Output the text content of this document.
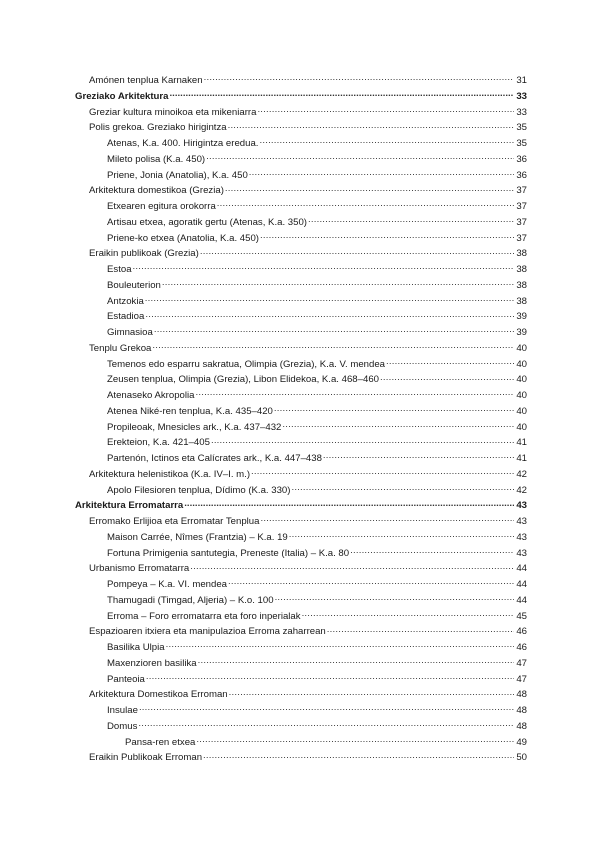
Amónen tenplua Karnaken .....	31
Greziako Arkitektura .....	33
Greziar kultura minoikoa eta mikeniarra .....	33
Polis grekoa. Greziako hirigintza .....	35
Atenas, K.a. 400. Hirigintza eredua. .....	35
Mileto polisa (K.a. 450) .....	36
Priene, Jonia (Anatolia), K.a. 450 .....	36
Arkitektura domestikoa (Grezia) .....	37
Etxearen egitura orokorra .....	37
Artisau etxea, agoratik gertu (Atenas, K.a. 350) .....	37
Priene-ko etxea (Anatolia, K.a. 450) .....	37
Eraikin publikoak (Grezia) .....	38
Estoa .....	38
Bouleuterion .....	38
Antzokia .....	38
Estadioa .....	39
Gimnasioa .....	39
Tenplu Grekoa .....	40
Temenos edo esparru sakratua, Olimpia (Grezia), K.a. V. mendea .....	40
Zeusen tenplua, Olimpia (Grezia), Libon Elidekoa, K.a. 468–460 .....	40
Atenaseko Akropolia .....	40
Atenea Niké-ren tenplua, K.a. 435–420 .....	40
Propileoak, Mnesicles ark., K.a. 437–432 .....	40
Erekteion, K.a. 421–405 .....	41
Partenón, Ictinos eta Calícrates ark., K.a. 447–438 .....	41
Arkitektura helenistikoa (K.a. IV–I. m.) .....	42
Apolo Filesioren tenplua, Dídimo (K.a. 330) .....	42
Arkitektura Erromatarra .....	43
Erromako Erlijioa eta Erromatar Tenplua .....	43
Maison Carrée, Nîmes (Frantzia) – K.a. 19 .....	43
Fortuna Primigenia santutegia, Preneste (Italia) – K.a. 80 .....	43
Urbanismo Erromatarra .....	44
Pompeya – K.a. VI. mendea .....	44
Thamugadi (Timgad, Aljeria) – K.o. 100 .....	44
Erroma – Foro erromatarra eta foro inperialak .....	45
Espazioaren itxiera eta manipulazioa Erroma zaharrean .....	46
Basilika Ulpia .....	46
Maxenzioren basilika .....	47
Panteoia .....	47
Arkitektura Domestikoa Erroman .....	48
Insulae .....	48
Domus .....	48
Pansa-ren etxea .....	49
Eraikin Publikoak Erroman .....	50
